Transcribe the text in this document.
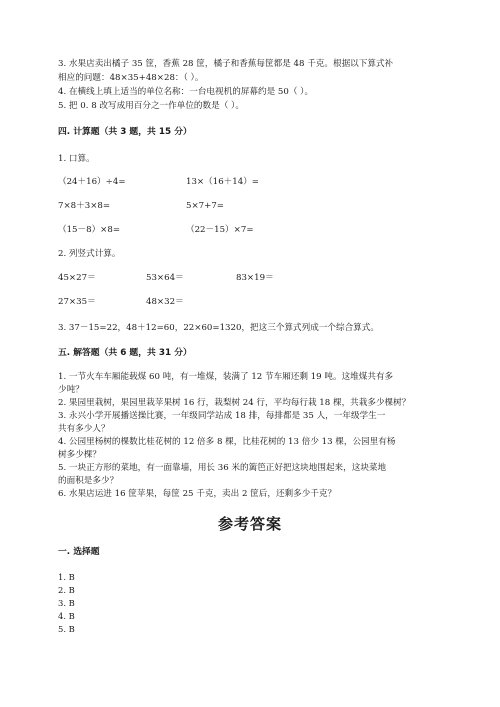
3. 水果店卖出橘子 35 筐，香蕉 28 筐，橘子和香蕉每筐都是 48 千克。根据以下算式补
相应的问题：48×35+48×28：（ ）。
4. 在横线上填上适当的单位名称：一台电视机的屏幕约是 50（ ）。
5. 把 0. 8 改写成用百分之一作单位的数是（ ）。
四. 计算题（共 3 题，共 15 分）
1. 口算。
（24＋16）÷4=	13×（16＋14）=
7×8＋3×8=	5×7+7=
（15－8）×8=	（22－15）×7=
2. 列竖式计算。
45×27＝	53×64＝	83×19＝
27×35＝	48×32＝
3. 37－15=22，48＋12=60，22×60=1320，把这三个算式列成一个综合算式。
五. 解答题（共 6 题，共 31 分）
1. 一节火车车厢能载煤 60 吨，有一堆煤，装满了 12 节车厢还剩 19 吨。这堆煤共有多
少吨？
2. 果园里栽树，果园里栽苹果树 16 行，栽梨树 24 行，平均每行栽 18 棵，共栽多少棵树？
3. 永兴小学开展播送操比赛，一年级同学站成 18 排，每排都是 35 人，一年级学生一
共有多少人？
4. 公园里杨树的棵数比桂花树的 12 倍多 8 棵，比桂花树的 13 倍少 13 棵，公园里有杨
树多少棵？
5. 一块正方形的菜地，有一面靠墙，用长 36 米的篱笆正好把这块地围起来，这块菜地
的面积是多少？
6. 水果店运进 16 筐苹果，每筐 25 千克，卖出 2 筐后，还剩多少千克？
参考答案
一. 选择题
1. B
2. B
3. B
4. B
5. B
